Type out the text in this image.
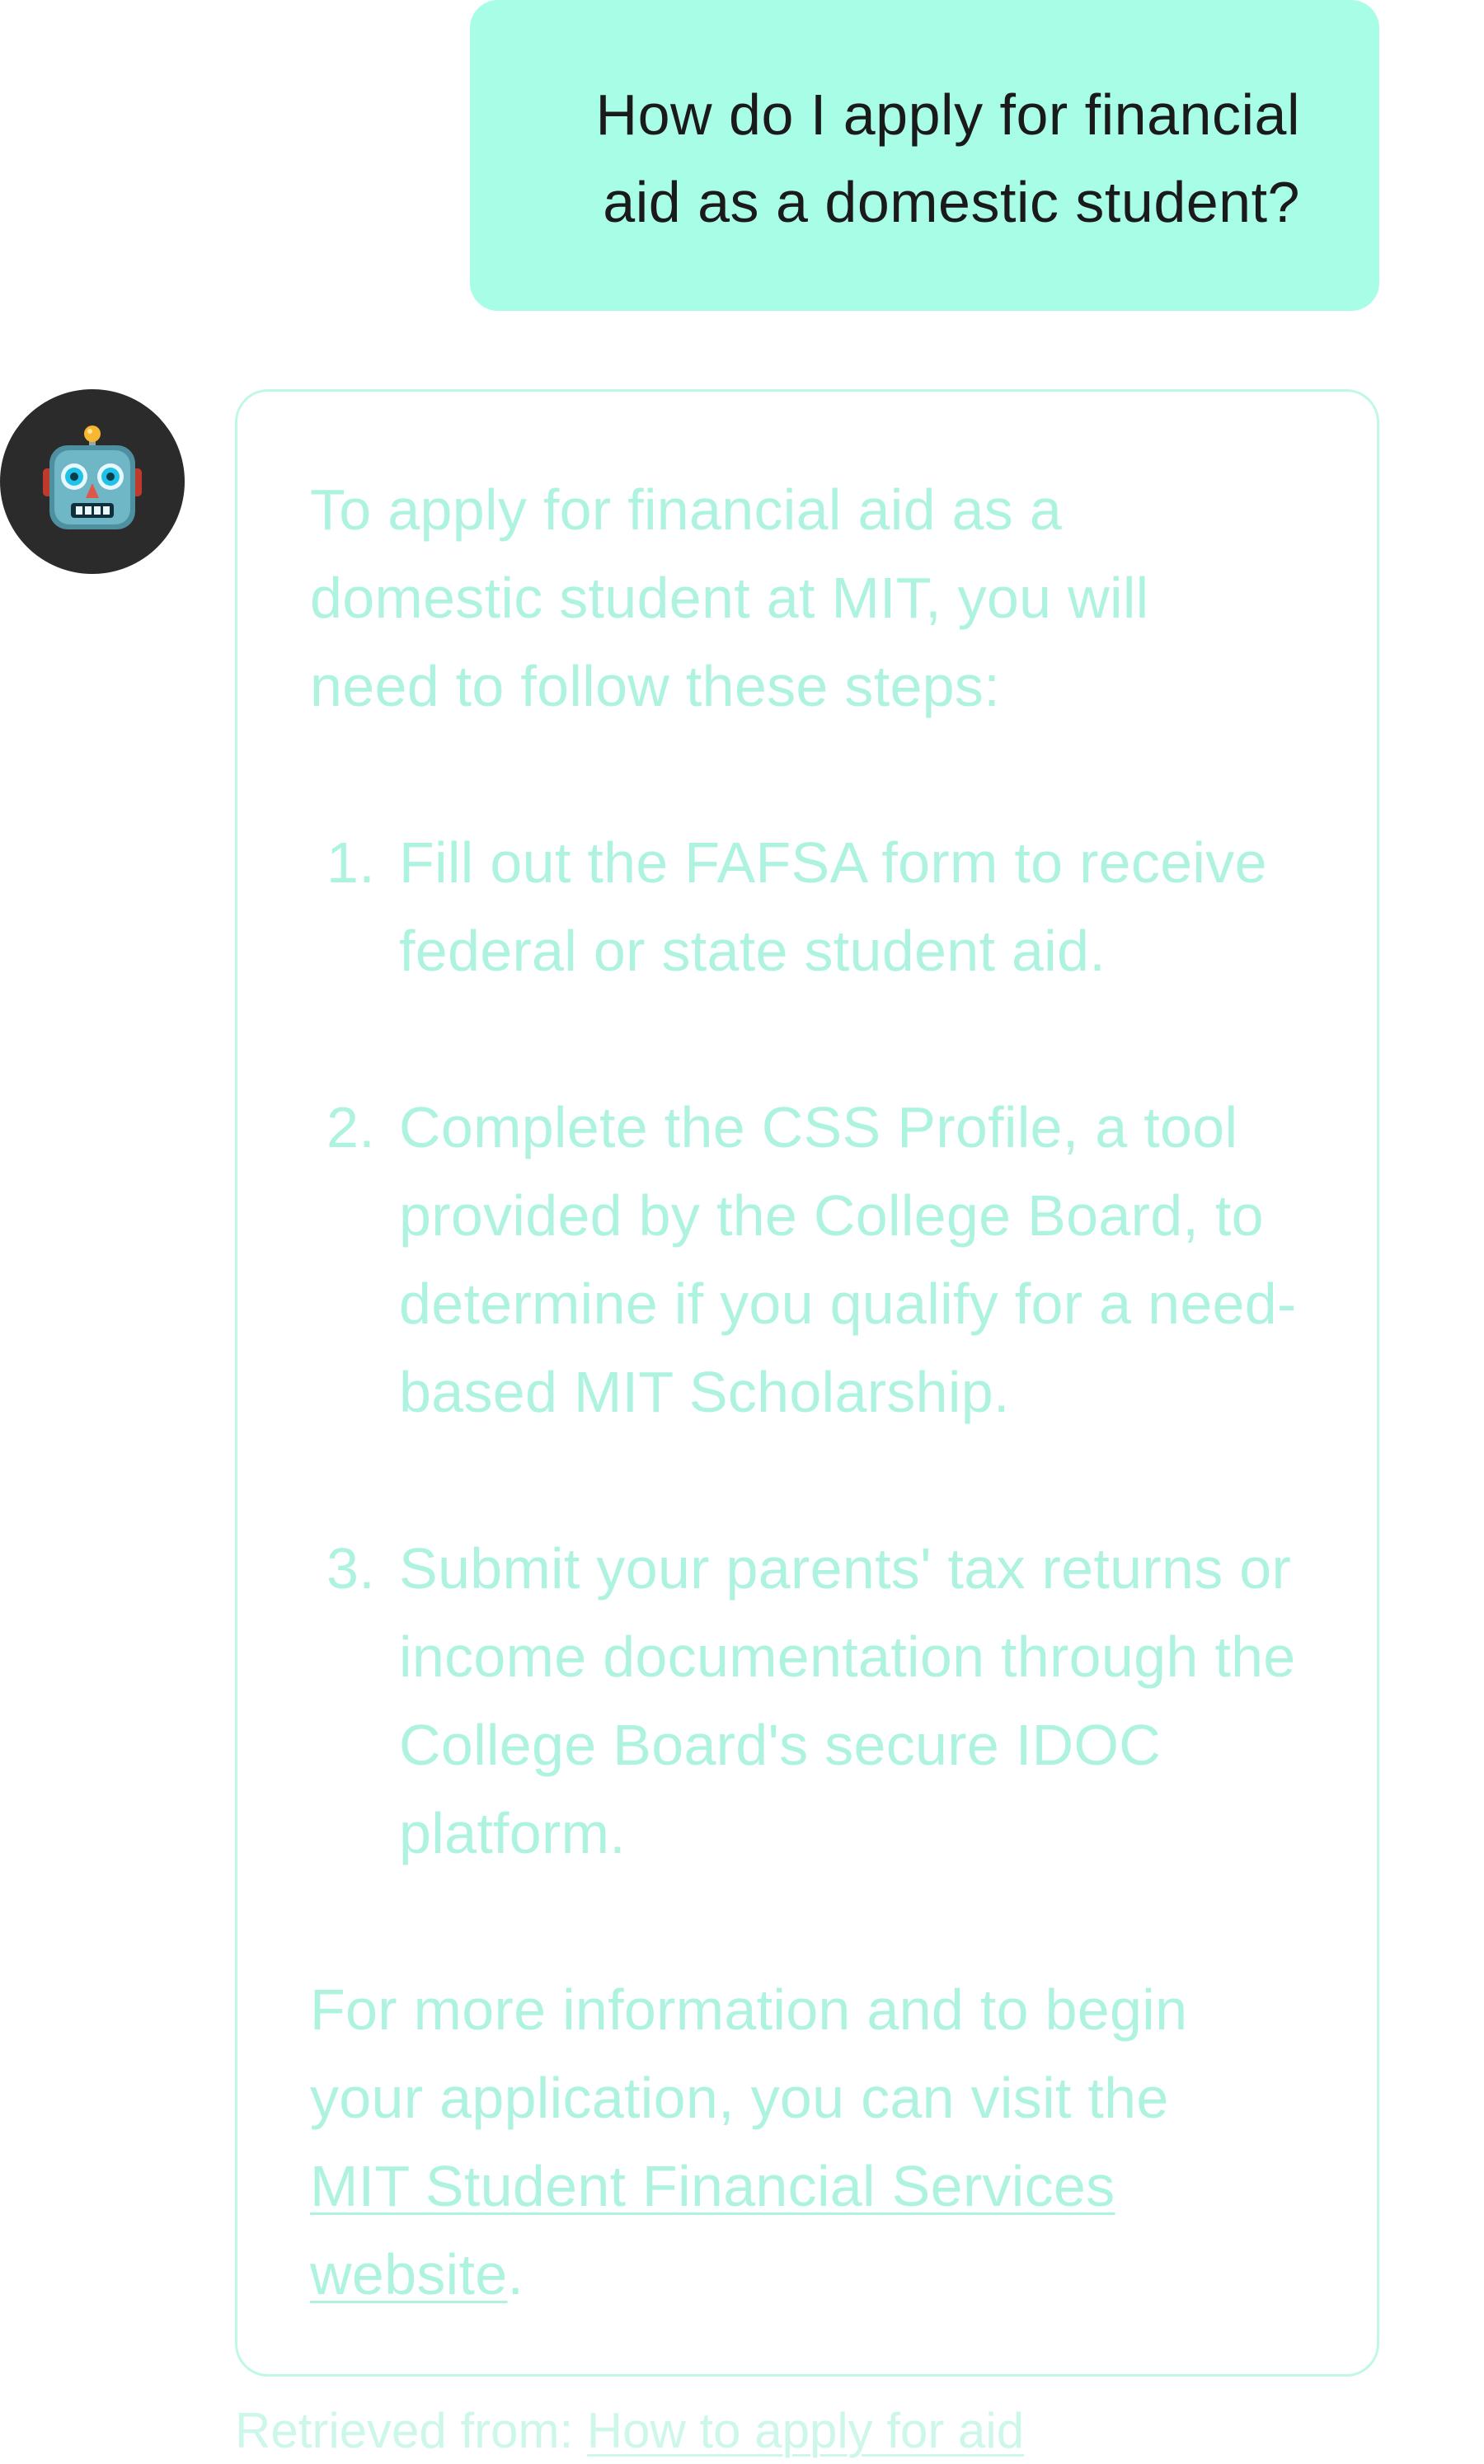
How do I apply for financial
aid as a domestic student?

To apply for financial aid as a domestic student at MIT, you will need to follow these steps:

1. Fill out the FAFSA form to receive federal or state student aid.
2. Complete the CSS Profile, a tool provided by the College Board, to determine if you qualify for a need-based MIT Scholarship.
3. Submit your parents' tax returns or income documentation through the College Board's secure IDOC platform.

For more information and to begin your application, you can visit the MIT Student Financial Services website.

Retrieved from: How to apply for aid
